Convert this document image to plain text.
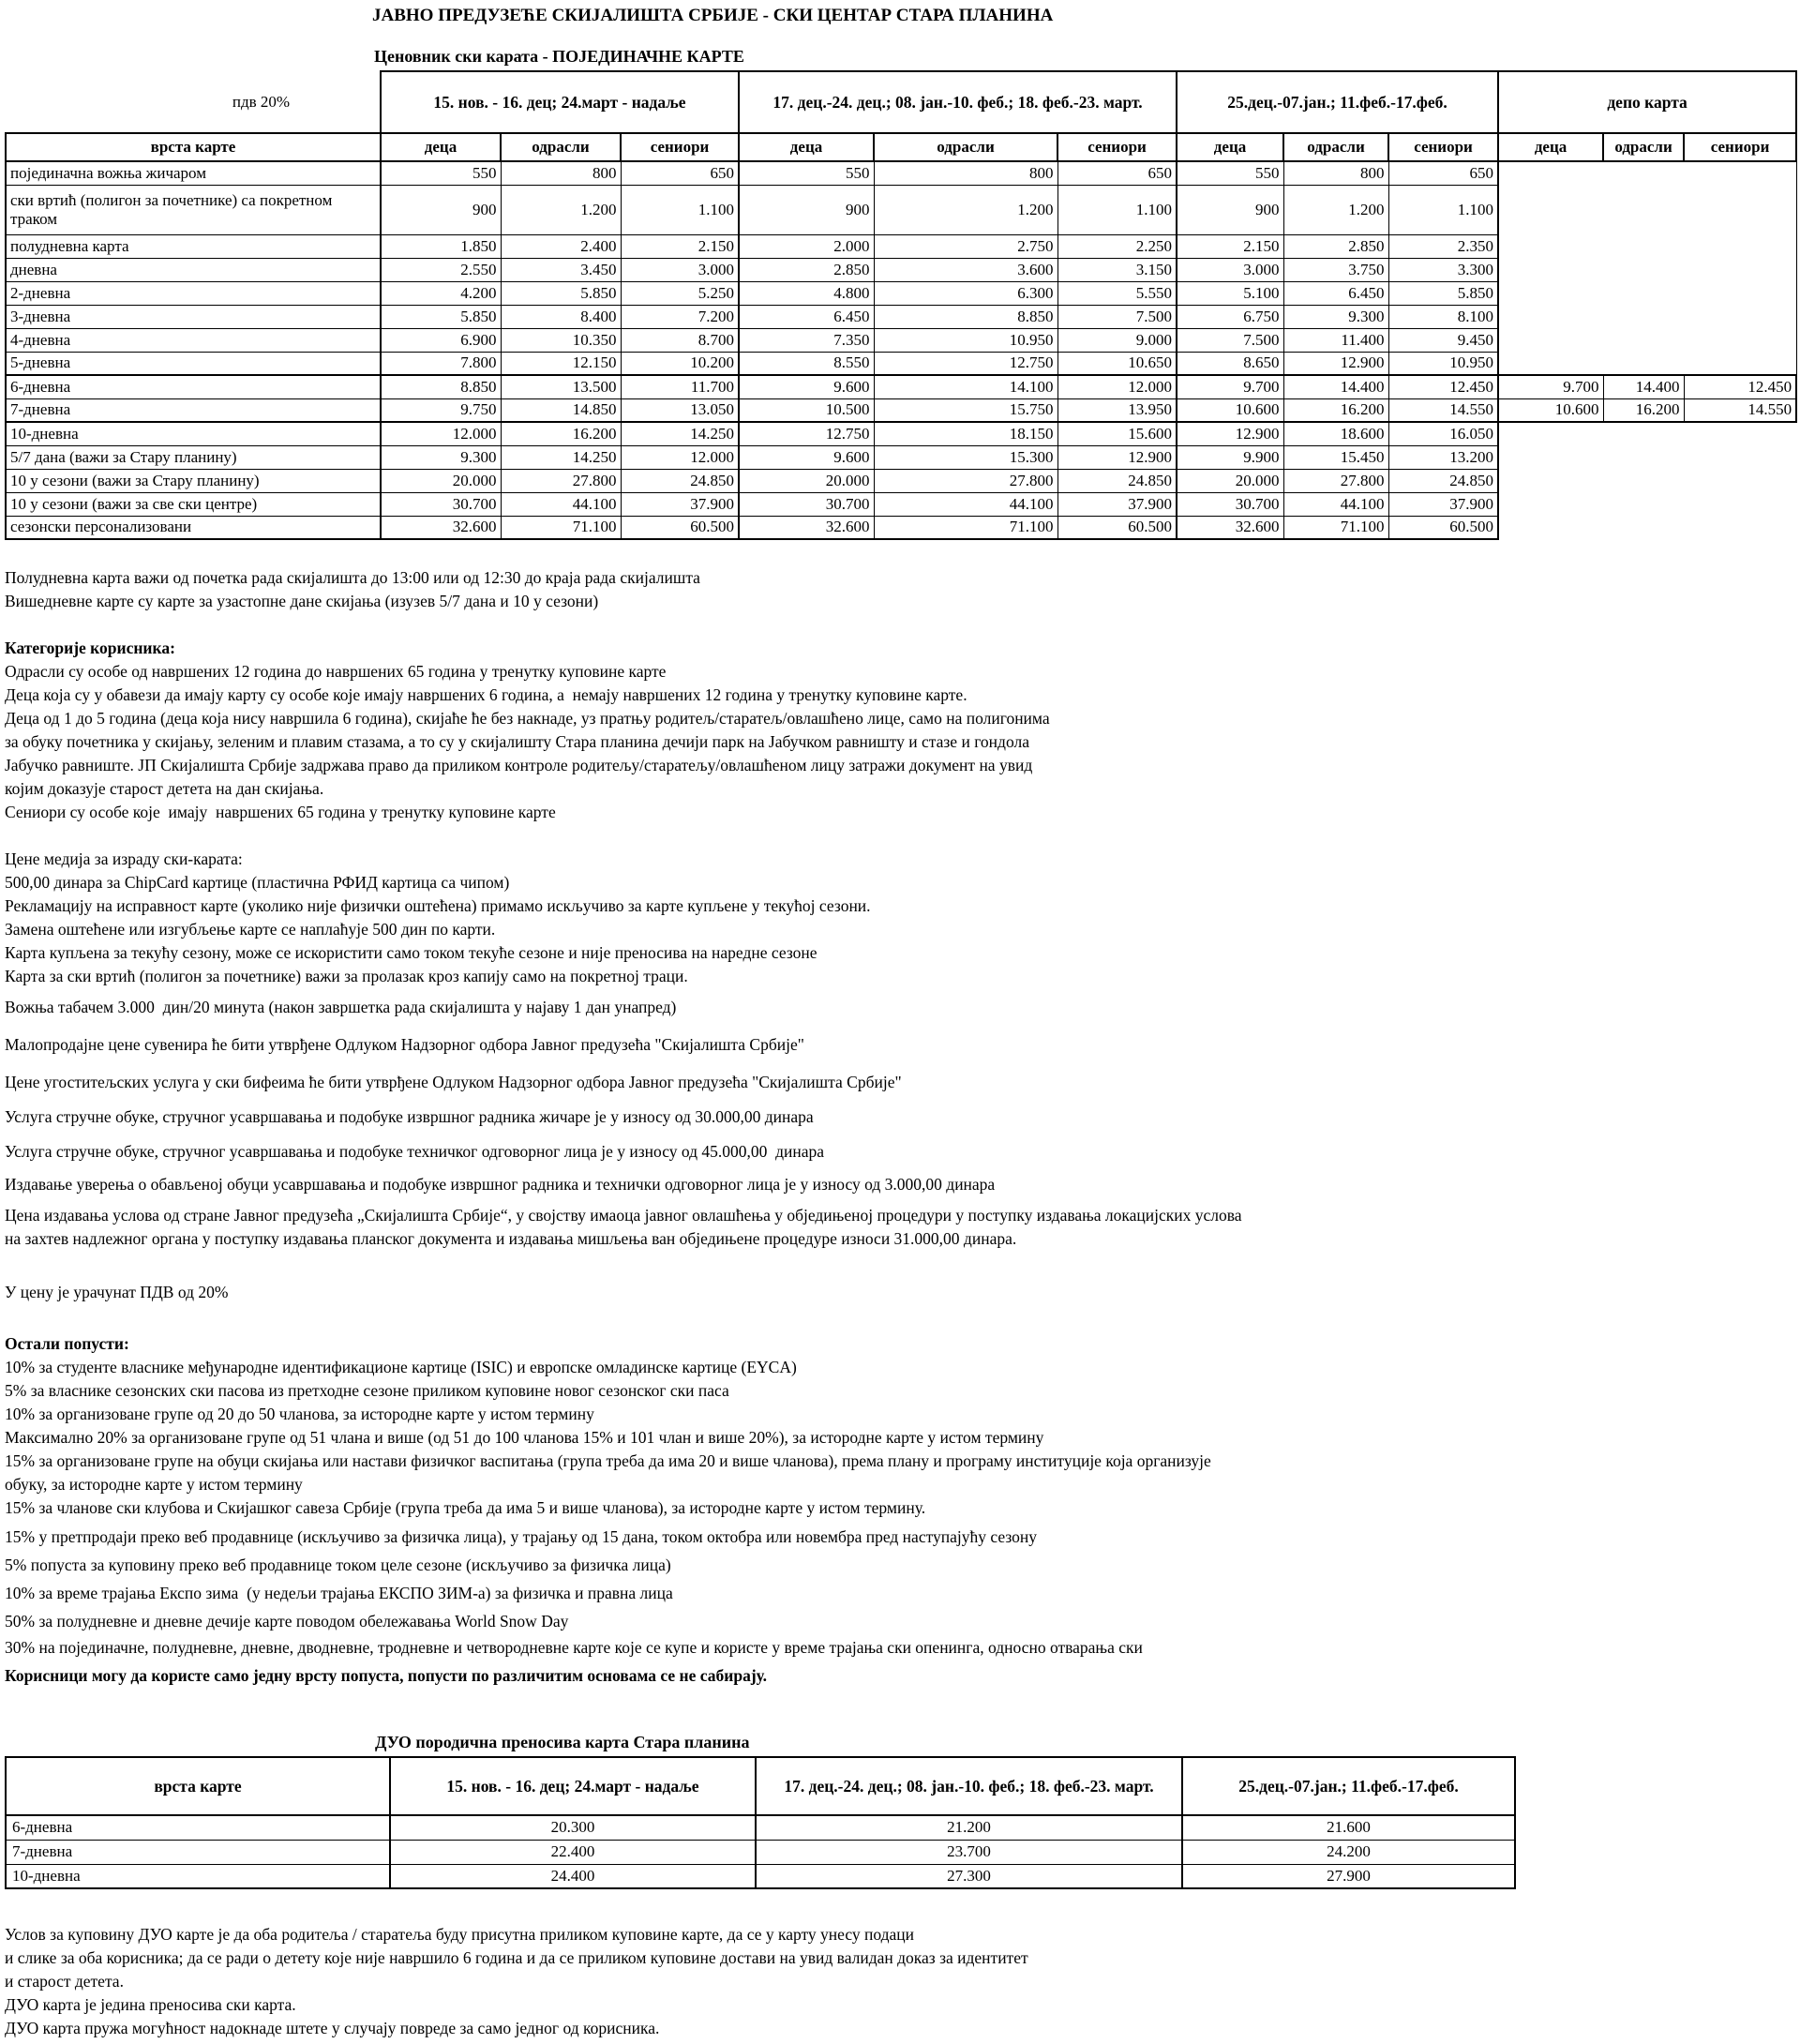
ЈАВНО ПРЕДУЗЕЋЕ СКИЈАЛИШТА СРБИЈЕ - СКИ ЦЕНТАР СТАРА ПЛАНИНА
Ценовник ски карата - ПОЈЕДИНАЧНЕ КАРТЕ
пдв 20%	15. нов. - 16. дец; 24.март - надаље			17. дец.-24. дец.; 08. јан.-10. феб.; 18. феб.-23. март.			25.дец.-07.јан.; 11.феб.-17.феб.			депо карта		
врста карте	деца	одрасли	сениори	деца	одрасли	сениори	деца	одрасли	сениори	деца	одрасли	сениори
појединачна вожња жичаром	550	800	650	550	800	650	550	800	650			
ски вртић (полигон за почетнике) са покретном траком	900	1.200	1.100	900	1.200	1.100	900	1.200	1.100			
полудневна карта	1.850	2.400	2.150	2.000	2.750	2.250	2.150	2.850	2.350			
дневна	2.550	3.450	3.000	2.850	3.600	3.150	3.000	3.750	3.300			
2-дневна	4.200	5.850	5.250	4.800	6.300	5.550	5.100	6.450	5.850			
3-дневна	5.850	8.400	7.200	6.450	8.850	7.500	6.750	9.300	8.100			
4-дневна	6.900	10.350	8.700	7.350	10.950	9.000	7.500	11.400	9.450			
5-дневна	7.800	12.150	10.200	8.550	12.750	10.650	8.650	12.900	10.950			
6-дневна	8.850	13.500	11.700	9.600	14.100	12.000	9.700	14.400	12.450	9.700	14.400	12.450
7-дневна	9.750	14.850	13.050	10.500	15.750	13.950	10.600	16.200	14.550	10.600	16.200	14.550
10-дневна	12.000	16.200	14.250	12.750	18.150	15.600	12.900	18.600	16.050			
5/7 дана (важи за Стару планину)	9.300	14.250	12.000	9.600	15.300	12.900	9.900	15.450	13.200			
10 у сезони (важи за Стару планину)	20.000	27.800	24.850	20.000	27.800	24.850	20.000	27.800	24.850			
10 у сезони (важи за све ски центре)	30.700	44.100	37.900	30.700	44.100	37.900	30.700	44.100	37.900			
сезонски персонализовани	32.600	71.100	60.500	32.600	71.100	60.500	32.600	71.100	60.500			
Полудневна карта важи од почетка рада скијалишта до 13:00 или од 12:30 до краја рада скијалишта
Вишедневне карте су карте за узастопне дане скијања (изузев 5/7 дана и 10 у сезони)
Категорије корисника:
Одрасли су особе од навршених 12 година до навршених 65 година у тренутку куповине карте
Деца која су у обавези да имају карту су особе које имају навршених 6 година, а  немају навршених 12 година у тренутку куповине карте.
Деца од 1 до 5 година (деца која нису навршила 6 година), скијаће ће без накнаде, уз пратњу родитељ/старатељ/овлашћено лице, само на полигонима
за обуку почетника у скијању, зеленим и плавим стазама, а то су у скијалишту Стара планина дечији парк на Јабучком равништу и стазе и гондола
Јабучко равниште. ЈП Скијалишта Србије задржава право да приликом контроле родитељу/старатељу/овлашћеном лицу затражи документ на увид
којим доказује старост детета на дан скијања.
Сениори су особе које  имају  навршених 65 година у тренутку куповине карте
Цене медија за израду ски-карата:
500,00 динара за ChipCard картице (пластична РФИД картица са чипом)
Рекламацију на исправност карте (уколико није физички оштећена) примамо искључиво за карте купљене у текућој сезони.
Замена оштећене или изгубљење карте се наплаћује 500 дин по карти.
Карта купљена за текућу сезону, може се искористити само током текуће сезоне и није преносива на наредне сезоне
Карта за ски вртић (полигон за почетнике) важи за пролазак кроз капију само на покретној траци.
Вожња табачем 3.000  дин/20 минута (након завршетка рада скијалишта у најаву 1 дан унапред)
Малопродајне цене сувенира ће бити утврђене Одлуком Надзорног одбора Јавног предузећа "Скијалишта Србије"
Цене угоститељских услуга у ски бифеима ће бити утврђене Одлуком Надзорног одбора Јавног предузећа "Скијалишта Србије"
Услуга стручне обуке, стручног усавршавања и подобуке извршног радника жичаре је у износу од 30.000,00 динара
Услуга стручне обуке, стручног усавршавања и подобуке техничког одговорног лица је у износу од 45.000,00  динара
Издавање уверења о обављеној обуци усавршавања и подобуке извршног радника и технички одговорног лица је у износу од 3.000,00 динара
Цена издавања услова од стране Јавног предузећа „Скијалишта Србије“, у својству имаоца јавног овлашћења у обједињеној процедури у поступку издавања локацијских услова
на захтев надлежног органа у поступку издавања планског документа и издавања мишљења ван обједињене процедуре износи 31.000,00 динара.
У цену је урачунат ПДВ од 20%
Остали попусти:
10% за студенте власнике међународне идентификационе картице (ISIC) и европске омладинске картице (EYCA)
5% за власнике сезонских ски пасова из претходне сезоне приликом куповине новог сезонског ски паса
10% за организоване групе од 20 до 50 чланова, за истородне карте у истом термину
Максимално 20% за организоване групе од 51 члана и више (од 51 до 100 чланова 15% и 101 члан и више 20%), за истородне карте у истом термину
15% за организоване групе на обуци скијања или настави физичког васпитања (група треба да има 20 и више чланова), према плану и програму институције која организује
обуку, за истородне карте у истом термину
15% за чланове ски клубова и Скијашког савеза Србије (група треба да има 5 и више чланова), за истородне карте у истом термину.
15% у претпродаји преко веб продавнице (искључиво за физичка лица), у трајању од 15 дана, током октобра или новембра пред наступајућу сезону
5% попуста за куповину преко веб продавнице током целе сезоне (искључиво за физичка лица)
10% за време трајања Експо зима  (у недељи трајања ЕКСПО ЗИМ-а) за физичка и правна лица
50% за полудневне и дневне дечије карте поводом обележавања World Snow Day
30% на појединачне, полудневне, дневне, дводневне, тродневне и четвородневне карте које се купе и користе у време трајања ски опенинга, односно отварања ски
Корисници могу да користе само једну врсту попуста, попусти по различитим основама се не сабирају.
ДУО породична преносива карта Стара планина
врста карте	15. нов. - 16. дец; 24.март - надаље	17. дец.-24. дец.; 08. јан.-10. феб.; 18. феб.-23. март.	25.дец.-07.јан.; 11.феб.-17.феб.
6-дневна	20.300	21.200	21.600
7-дневна	22.400	23.700	24.200
10-дневна	24.400	27.300	27.900
Услов за куповину ДУО карте је да оба родитеља / старатеља буду присутна приликом куповине карте, да се у карту унесу подаци
и слике за оба корисника; да се ради о детету које није навршило 6 година и да се приликом куповине достави на увид валидан доказ за идентитет
и старост детета.
ДУО карта је једина преносива ски карта.
ДУО карта пружа могућност надокнаде штете у случају повреде за само једног од корисника.
